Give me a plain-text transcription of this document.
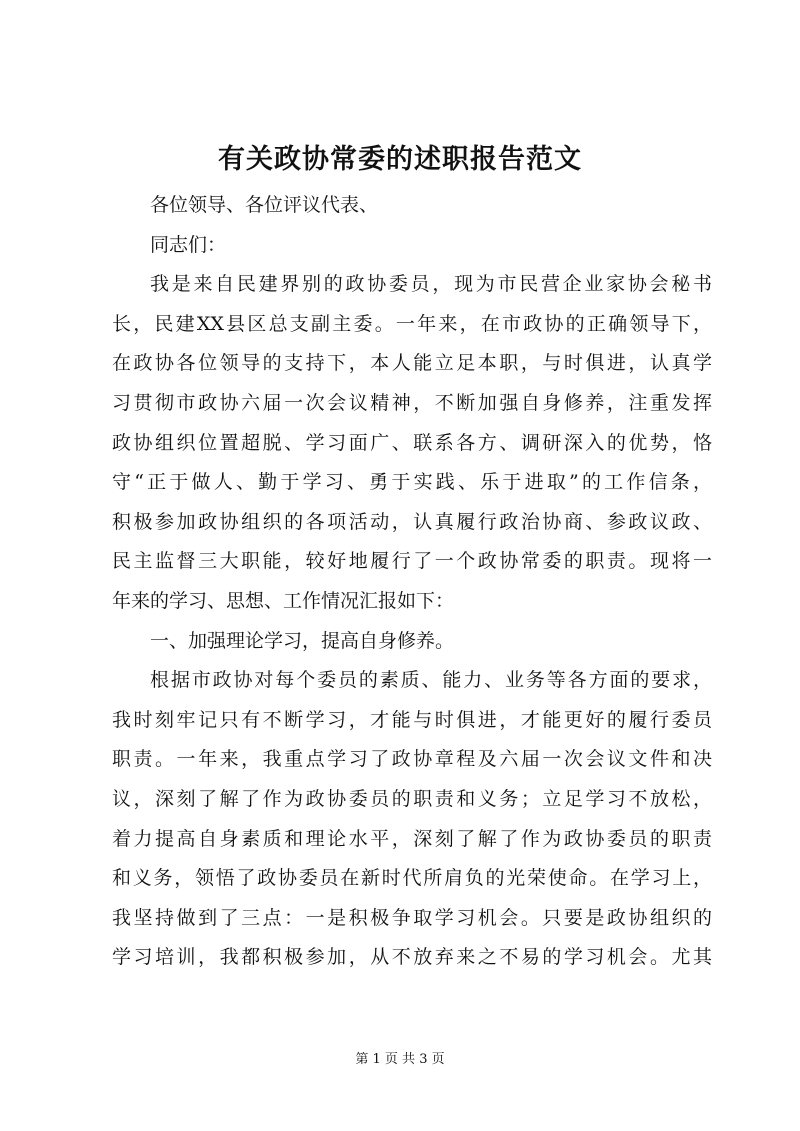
有关政协常委的述职报告范文
各位领导、各位评议代表、
同志们：
我是来自民建界别的政协委员，现为市民营企业家协会秘书
长，民建XX县区总支副主委。一年来，在市政协的正确领导下，
在政协各位领导的支持下，本人能立足本职，与时俱进，认真学
习贯彻市政协六届一次会议精神，不断加强自身修养，注重发挥
政协组织位置超脱、学习面广、联系各方、调研深入的优势，恪
守“正于做人、勤于学习、勇于实践、乐于进取”的工作信条，
积极参加政协组织的各项活动，认真履行政治协商、参政议政、
民主监督三大职能，较好地履行了一个政协常委的职责。现将一
年来的学习、思想、工作情况汇报如下：
一、加强理论学习，提高自身修养。
根据市政协对每个委员的素质、能力、业务等各方面的要求，
我时刻牢记只有不断学习，才能与时俱进，才能更好的履行委员
职责。一年来，我重点学习了政协章程及六届一次会议文件和决
议，深刻了解了作为政协委员的职责和义务；立足学习不放松，
着力提高自身素质和理论水平，深刻了解了作为政协委员的职责
和义务，领悟了政协委员在新时代所肩负的光荣使命。在学习上，
我坚持做到了三点：一是积极争取学习机会。只要是政协组织的
学习培训，我都积极参加，从不放弃来之不易的学习机会。尤其
第 1 页 共 3 页
